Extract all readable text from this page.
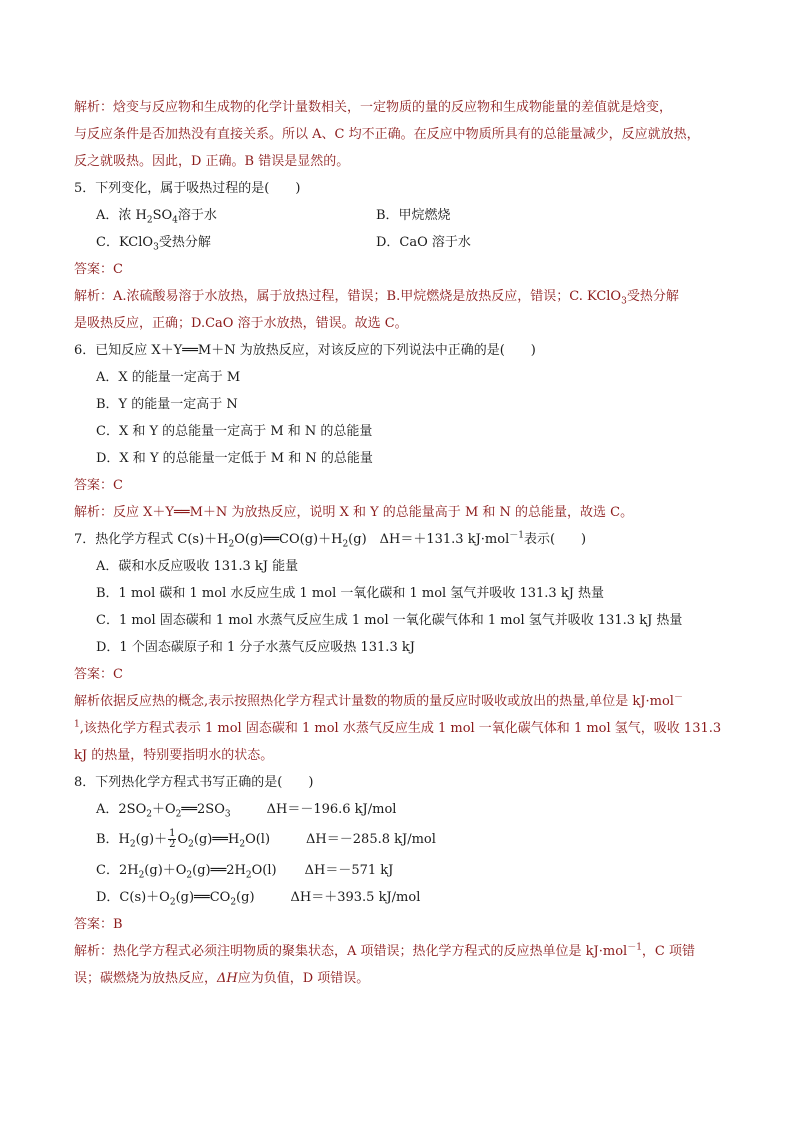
解析：焓变与反应物和生成物的化学计量数相关，一定物质的量的反应物和生成物能量的差值就是焓变，
与反应条件是否加热没有直接关系。所以 A、C 均不正确。在反应中物质所具有的总能量减少，反应就放热，
反之就吸热。因此，D 正确。B 错误是显然的。
5．下列变化，属于吸热过程的是(　　)
A．浓 $H_2SO_4$溶于水	B．甲烷燃烧
C．KClO$_3$受热分解	D．CaO 溶于水
答案：C
解析：A.浓硫酸易溶于水放热，属于放热过程，错误；B.甲烷燃烧是放热反应，错误；C. KClO$_3$受热分解
是吸热反应，正确；D.CaO 溶于水放热，错误。故选 C。
6．已知反应 X＋Y══M＋N 为放热反应，对该反应的下列说法中正确的是(　　)
A．X 的能量一定高于 M
B．Y 的能量一定高于 N
C．X 和 Y 的总能量一定高于 M 和 N 的总能量
D．X 和 Y 的总能量一定低于 M 和 N 的总能量
答案：C
解析：反应 X＋Y══M＋N 为放热反应，说明 X 和 Y 的总能量高于 M 和 N 的总能量，故选 C。
7．热化学方程式 $C(s)+H_2O(g)══CO(g)+H_2(g)$　ΔH＝＋131.3 kJ·mol$^{-1}$表示(　　)
A．碳和水反应吸收 131.3 kJ 能量
B．1 mol 碳和 1 mol 水反应生成 1 mol 一氧化碳和 1 mol 氢气并吸收 131.3 kJ 热量
C．1 mol 固态碳和 1 mol 水蒸气反应生成 1 mol 一氧化碳气体和 1 mol 氢气并吸收 131.3 kJ 热量
D．1 个固态碳原子和 1 分子水蒸气反应吸热 131.3 kJ
答案：C
解析依据反应热的概念,表示按照热化学方程式计量数的物质的量反应时吸收或放出的热量,单位是 kJ·mol－
$^1$,该热化学方程式表示 1 mol 固态碳和 1 mol 水蒸气反应生成 1 mol 一氧化碳气体和 1 mol 氢气，吸收 131.3
kJ 的热量，特别要指明水的状态。
8．下列热化学方程式书写正确的是(　　)
A．$2SO_2+O_2══2SO_3$	ΔH＝－196.6 kJ/mol
B．$H_2(g)+ \frac{1}{2}$ $O_2(g)══H_2O(l)$	ΔH＝－285.8 kJ/mol
C．$2H_2(g)+O_2(g)══2H_2O(l)$ ΔH＝－571 kJ
D．$C(s)+O_2(g)══CO_2(g)$	ΔH＝＋393.5 kJ/mol
答案：B
解析：热化学方程式必须注明物质的聚集状态，A 项错误；热化学方程式的反应热单位是 kJ·mol$^{-1}$，C 项错
误；碳燃烧为放热反应，ΔH应为负值，D 项错误。
